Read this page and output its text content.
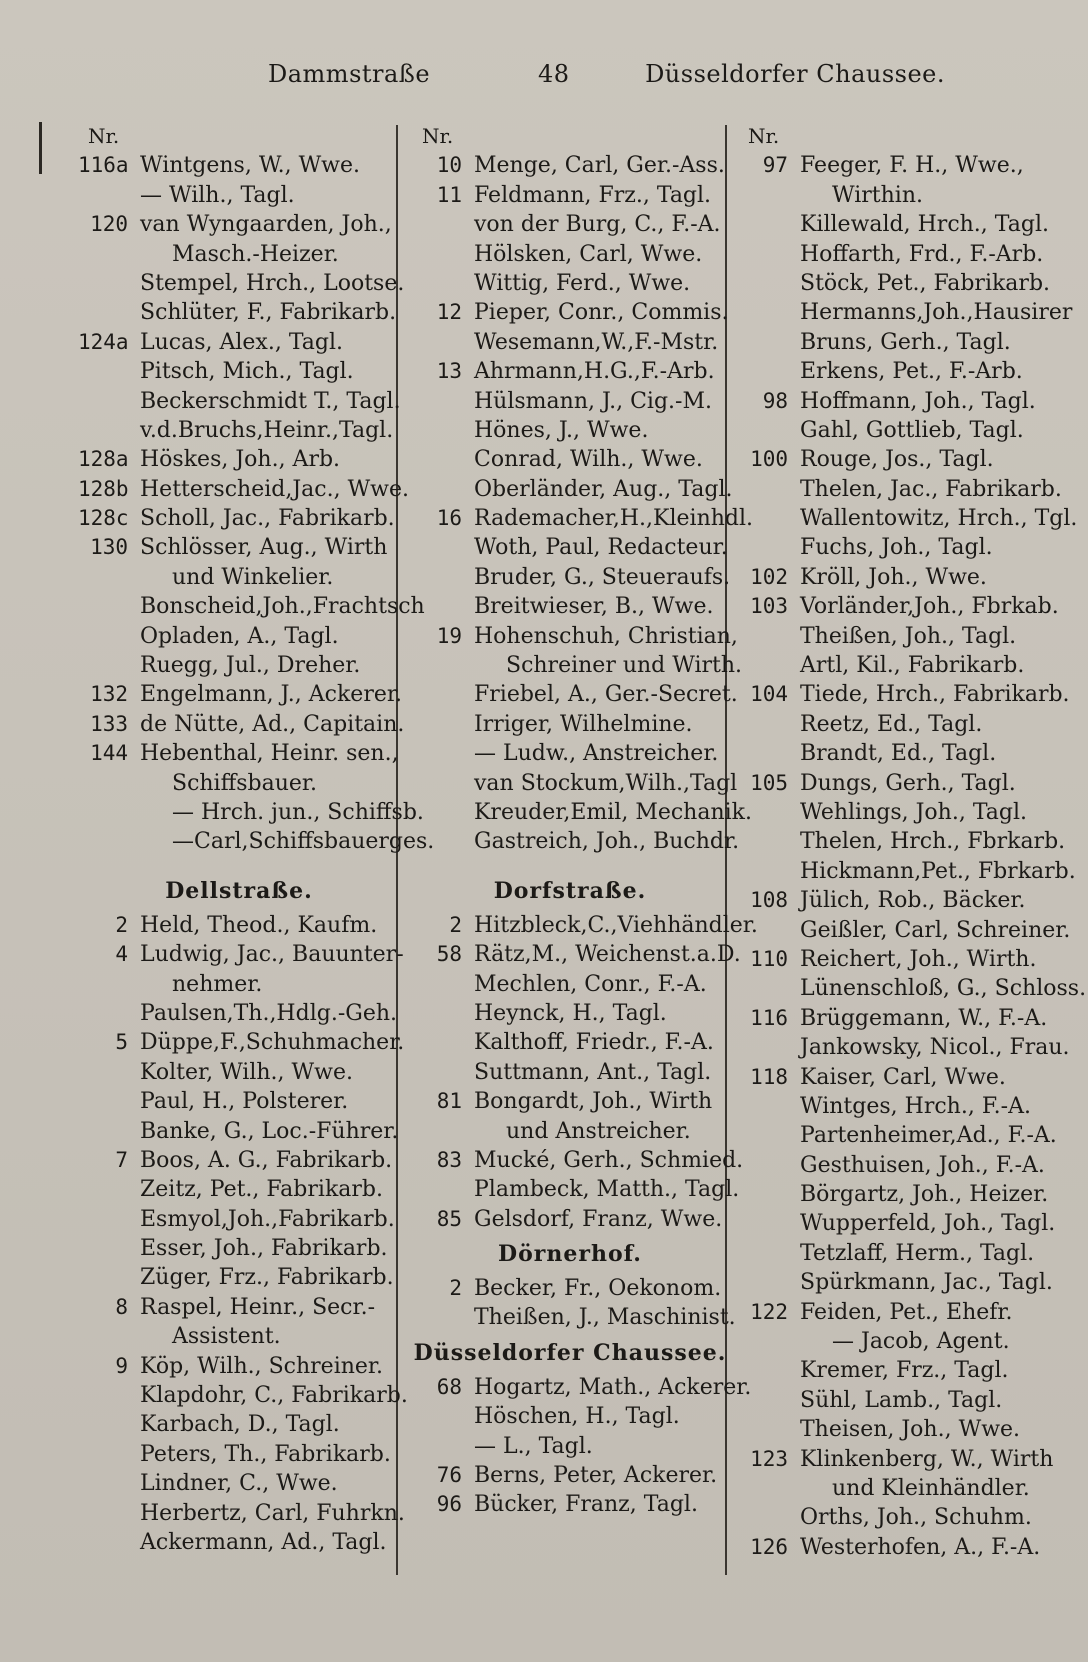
Dammstraße	48	Düsseldorfer Chaussee.
Nr.
116a Wintgens, W., Wwe.
— Wilh., Tagl.
120 van Wyngaarden, Joh.,
Masch.-Heizer.
Stempel, Hrch., Lootse.
Schlüter, F., Fabrikarb.
124a Lucas, Alex., Tagl.
Pitsch, Mich., Tagl.
Beckerschmidt T., Tagl.
v.d.Bruchs,Heinr.,Tagl.
128a Höskes, Joh., Arb.
128b Hetterscheid,Jac., Wwe.
128c Scholl, Jac., Fabrikarb.
130 Schlösser, Aug., Wirth
und Winkelier.
Bonscheid,Joh.,Frachtsch
Opladen, A., Tagl.
Ruegg, Jul., Dreher.
132 Engelmann, J., Ackerer.
133 de Nütte, Ad., Capitain.
144 Hebenthal, Heinr. sen.,
Schiffsbauer.
— Hrch. jun., Schiffsb.
—Carl,Schiffsbauerges.
Dellstraße.
2 Held, Theod., Kaufm.
4 Ludwig, Jac., Bauunter-
nehmer.
Paulsen,Th.,Hdlg.-Geh.
5 Düppe,F.,Schuhmacher.
Kolter, Wilh., Wwe.
Paul, H., Polsterer.
Banke, G., Loc.-Führer.
7 Boos, A. G., Fabrikarb.
Zeitz, Pet., Fabrikarb.
Esmyol,Joh.,Fabrikarb.
Esser, Joh., Fabrikarb.
Züger, Frz., Fabrikarb.
8 Raspel, Heinr., Secr.-
Assistent.
9 Köp, Wilh., Schreiner.
Klapdohr, C., Fabrikarb.
Karbach, D., Tagl.
Peters, Th., Fabrikarb.
Lindner, C., Wwe.
Herbertz, Carl, Fuhrkn.
Ackermann, Ad., Tagl.
Nr.
10 Menge, Carl, Ger.-Ass.
11 Feldmann, Frz., Tagl.
von der Burg, C., F.-A.
Hölsken, Carl, Wwe.
Wittig, Ferd., Wwe.
12 Pieper, Conr., Commis.
Wesemann,W.,F.-Mstr.
13 Ahrmann,H.G.,F.-Arb.
Hülsmann, J., Cig.-M.
Hönes, J., Wwe.
Conrad, Wilh., Wwe.
Oberländer, Aug., Tagl.
16 Rademacher,H.,Kleinhdl.
Woth, Paul, Redacteur.
Bruder, G., Steueraufs.
Breitwieser, B., Wwe.
19 Hohenschuh, Christian,
Schreiner und Wirth.
Friebel, A., Ger.-Secret.
Irriger, Wilhelmine.
— Ludw., Anstreicher.
van Stockum,Wilh.,Tagl
Kreuder,Emil, Mechanik.
Gastreich, Joh., Buchdr.
Dorfstraße.
2 Hitzbleck,C.,Viehhändler.
58 Rätz,M., Weichenst.a.D.
Mechlen, Conr., F.-A.
Heynck, H., Tagl.
Kalthoff, Friedr., F.-A.
Suttmann, Ant., Tagl.
81 Bongardt, Joh., Wirth
und Anstreicher.
83 Mucké, Gerh., Schmied.
Plambeck, Matth., Tagl.
85 Gelsdorf, Franz, Wwe.
Dörnerhof.
2 Becker, Fr., Oekonom.
Theißen, J., Maschinist.
Düsseldorfer Chaussee.
68 Hogartz, Math., Ackerer.
Höschen, H., Tagl.
— L., Tagl.
76 Berns, Peter, Ackerer.
96 Bücker, Franz, Tagl.
Nr.
97 Feeger, F. H., Wwe.,
Wirthin.
Killewald, Hrch., Tagl.
Hoffarth, Frd., F.-Arb.
Stöck, Pet., Fabrikarb.
Hermanns,Joh.,Hausirer
Bruns, Gerh., Tagl.
Erkens, Pet., F.-Arb.
98 Hoffmann, Joh., Tagl.
Gahl, Gottlieb, Tagl.
100 Rouge, Jos., Tagl.
Thelen, Jac., Fabrikarb.
Wallentowitz, Hrch., Tgl.
Fuchs, Joh., Tagl.
102 Kröll, Joh., Wwe.
103 Vorländer,Joh., Fbrkab.
Theißen, Joh., Tagl.
Artl, Kil., Fabrikarb.
104 Tiede, Hrch., Fabrikarb.
Reetz, Ed., Tagl.
Brandt, Ed., Tagl.
105 Dungs, Gerh., Tagl.
Wehlings, Joh., Tagl.
Thelen, Hrch., Fbrkarb.
Hickmann,Pet., Fbrkarb.
108 Jülich, Rob., Bäcker.
Geißler, Carl, Schreiner.
110 Reichert, Joh., Wirth.
Lünenschloß, G., Schloss.
116 Brüggemann, W., F.-A.
Jankowsky, Nicol., Frau.
118 Kaiser, Carl, Wwe.
Wintges, Hrch., F.-A.
Partenheimer,Ad., F.-A.
Gesthuisen, Joh., F.-A.
Börgartz, Joh., Heizer.
Wupperfeld, Joh., Tagl.
Tetzlaff, Herm., Tagl.
Spürkmann, Jac., Tagl.
122 Feiden, Pet., Ehefr.
— Jacob, Agent.
Kremer, Frz., Tagl.
Sühl, Lamb., Tagl.
Theisen, Joh., Wwe.
123 Klinkenberg, W., Wirth
und Kleinhändler.
Orths, Joh., Schuhm.
126 Westerhofen, A., F.-A.
